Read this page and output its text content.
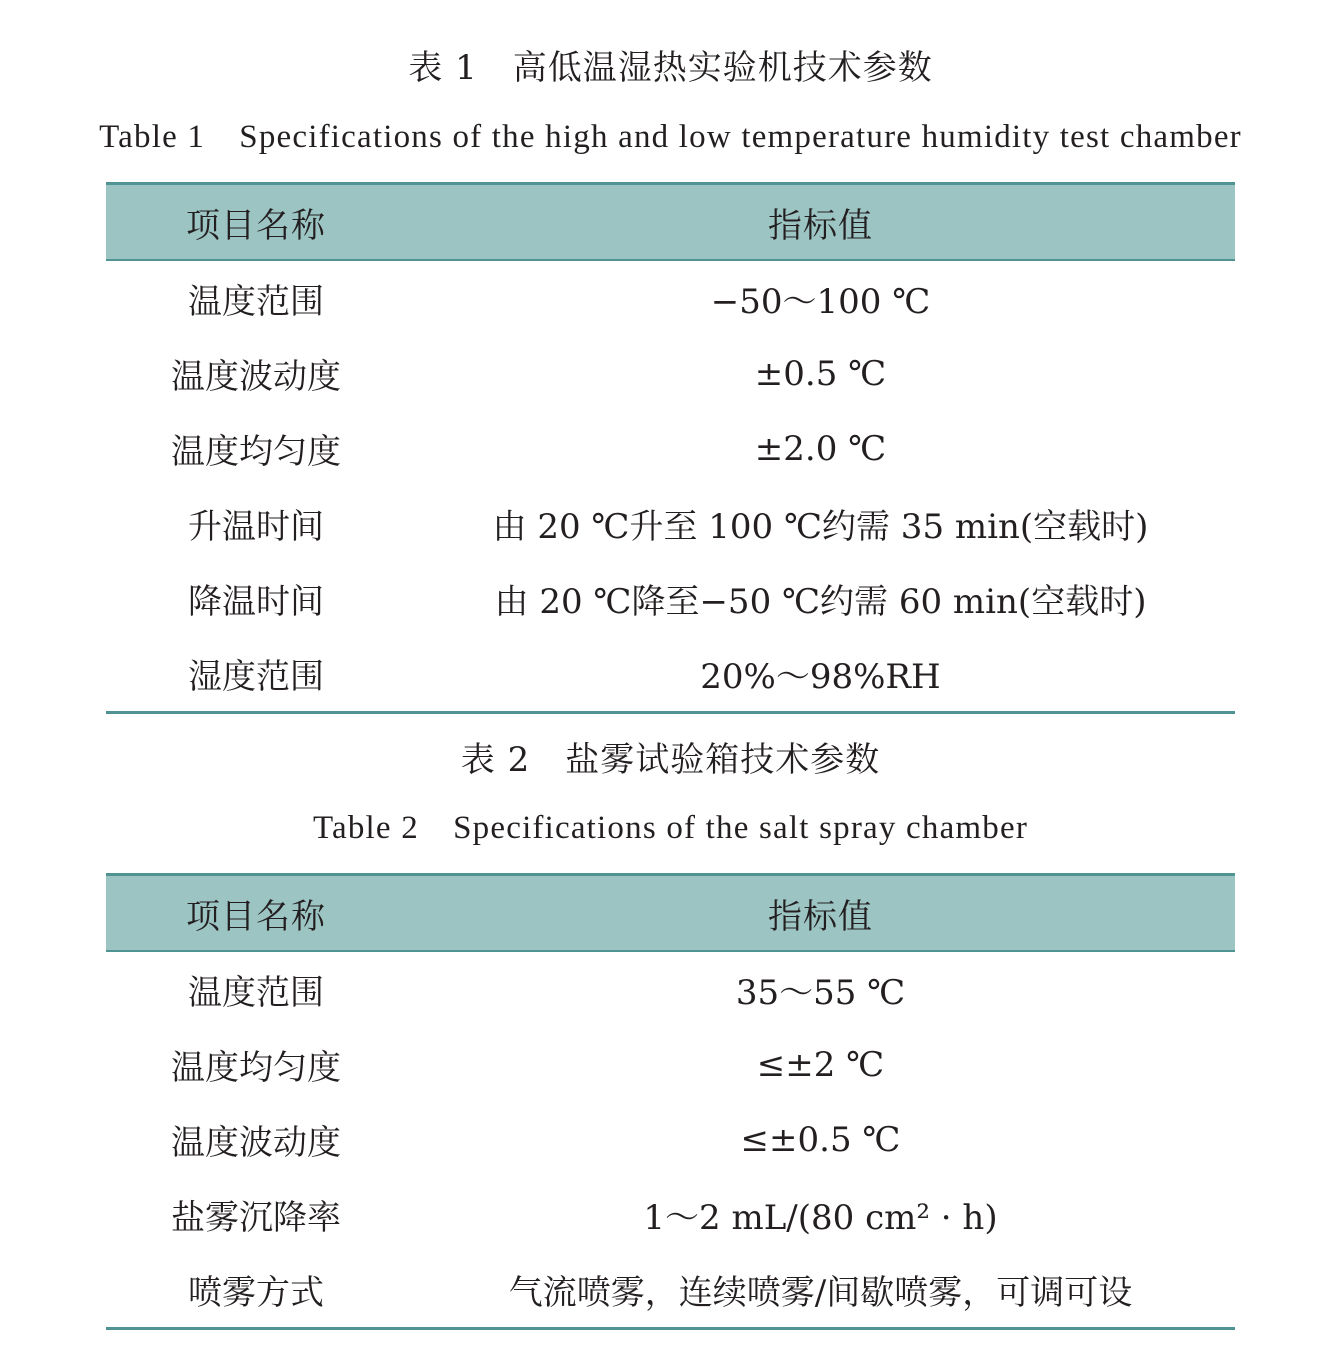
表 1　高低温湿热实验机技术参数
Table 1　Specifications of the high and low temperature humidity test chamber
项目名称	指标值
温度范围	−50～100 ℃
温度波动度	±0.5 ℃
温度均匀度	±2.0 ℃
升温时间	由 20 ℃升至 100 ℃约需 35 min(空载时)
降温时间	由 20 ℃降至−50 ℃约需 60 min(空载时)
湿度范围	20%～98%RH
表 2　盐雾试验箱技术参数
Table 2　Specifications of the salt spray chamber
项目名称	指标值
温度范围	35～55 ℃
温度均匀度	≤±2 ℃
温度波动度	≤±0.5 ℃
盐雾沉降率	1～2 mL/(80 cm² · h)
喷雾方式	气流喷雾，连续喷雾/间歇喷雾，可调可设
